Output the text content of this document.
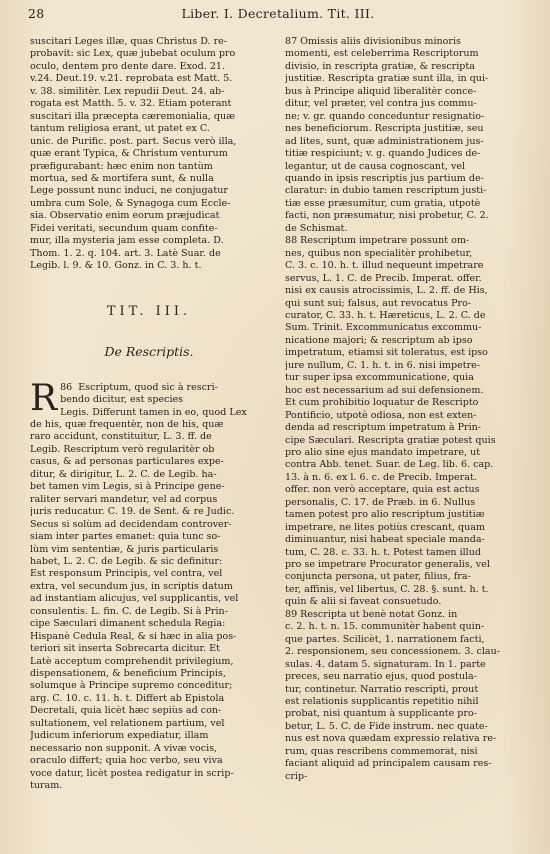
28	Liber. I. Decretalium. Tit. III.
suscitari Leges illæ, quas Christus D. re-
probavit: sic Lex, quæ jubebat oculum pro
oculo, dentem pro dente dare. Exod. 21.
v.24. Deut.19. v.21. reprobata est Matt. 5.
v. 38. similitèr. Lex repudii Deut. 24. ab-
rogata est Matth. 5. v. 32. Etiam poterant
suscitari illa præcepta cæremonialia, quæ
tantum religiosa erant, ut patet ex C.
unic. de Purific. post. part. Secus verò illa,
quæ erant Typica, & Christum venturum
præfigurabant: hæc enim non tantùm
mortua, sed & mortifera sunt, & nulla
Lege possunt nunc induci, ne conjugatur
umbra cum Sole, & Synagoga cum Eccle-
sia. Observatio enim eorum præjudicat
Fidei veritati, secundum quam confite-
mur, illa mysteria jam esse completa. D.
Thom. 1. 2. q. 104. art. 3. Latè Suar. de
Legib. l. 9. & 10. Gonz. in C. 3. h. t.
TIT. III.
De Rescriptis.
86
R Escriptum, quod sic à rescri-
bendo dicitur, est species
Legis. Differunt tamen in eo, quod Lex
de his, quæ frequentèr, non de his, quæ
raro accidunt, constituitur, L. 3. ff. de
Legib. Rescriptum verò regularitèr ob
casus, & ad personas particulares expe-
ditur, & dirigitur, L. 2. C. de Legib. ha-
bet tamen vim Legis, si à Principe gene-
raliter servari mandetur, vel ad corpus
juris reducatur. C. 19. de Sent. & re Judic.
Secus si solùm ad decidendam controver-
siam inter partes emanet: quia tunc so-
lùm vim sententiæ, & juris particularis
habet, L. 2. C. de Legib. & sic definitur:
Est responsum Principis, vel contra, vel
extra, vel secundum jus, in scriptis datum
ad instantiam alicujus, vel supplicantis, vel
consulentis. L. fin. C. de Legib. Si à Prin-
cipe Sæculari dimanent schedula Regia:
Hispanè Cedula Real, & si hæc in alia pos-
teriori sit inserta Sobrecarta dicitur. Et
Latè acceptum comprehendit privilegium,
dispensationem, & beneficium Principis,
solumque à Principe supremo conceditur;
arg. C. 10. c. 11. h. t. Differt ab Epistola
Decretali, quia licèt hæc sepiùs ad con-
sultationem, vel relationem partium, vel
Judicum inferiorum expediatur, illam
necessario non supponit. A vivæ vocis,
oraculo differt; quia hoc verbo, seu viva
voce datur, licèt postea redigatur in scrip-
turam.
87 Omissis aliis divisionibus minoris
momenti, est celeberrima Rescriptorum
divisio, in rescripta gratiæ, & rescripta
justitiæ. Rescripta gratiæ sunt illa, in qui-
bus à Principe aliquid liberalitèr conce-
ditur, vel præter, vel contra jus commu-
ne; v. gr. quando conceduntur resignatio-
nes beneficiorum. Rescripta justitiæ, seu
ad lites, sunt, quæ administrationem jus-
titiæ respiciunt; v. g. quando Judices de-
legantur, ut de causa cognoscant, vel
quando in ipsis rescriptis jus partium de-
claratur: in dubio tamen rescriptum justi-
tiæ esse præsumitur, cum gratia, utpotè
facti, non præsumatur, nisi probetur, C. 2.
de Schismat.
88 Rescriptum impetrare possunt om-
nes, quibus non specialitèr prohibetur,
C. 3. c. 10. h. t. illud nequeunt impetrare
servus, L. 1. C. de Precib. Imperat. offer.
nisi ex causis atrocissimis, L. 2. ff. de His,
qui sunt sui; falsus, aut revocatus Pro-
curator, C. 33. h. t. Hæreticus, L. 2. C. de
Sum. Trinit. Excommunicatus excommu-
nicatione majori; & rescriptum ab ipso
impetratum, etiamsi sit toleratus, est ipso
jure nullum, C. 1. h. t. in 6. nisi impetre-
tur super ipsa excommunicatione, quia
hoc est necessarium ad sui defensionem.
Et cum prohibitio loquatur de Rescripto
Pontificio, utpotè odiosa, non est exten-
denda ad rescriptum impetratum à Prin-
cipe Sæculari. Rescripta gratiæ potest quis
pro alio sine ejus mandato impetrare, ut
contra Abb. tenet. Suar. de Leg. lib. 6. cap.
13. à n. 6. ex l. 6. c. de Precib. Imperat.
offer. non verò acceptare, quia est actus
personalis, C. 17. de Præb. in 6. Nullus
tamen potest pro alio rescriptum justitiæ
impetrare, ne lites potiùs crescant, quam
diminuantur, nisi habeat speciale manda-
tum, C. 28. c. 33. h. t. Potest tamen illud
pro se impetrare Procurator generalis, vel
conjuncta persona, ut pater, filius, fra-
ter, affinis, vel libertus, C. 28. §. sunt. h. t.
quin & alii si faveat consuetudo.
89 Rescripta ut benè notat Gonz. in
c. 2. h. t. n. 15. communitèr habent quin-
que partes. Scilicèt, 1. narrationem facti,
2. responsionem, seu concessionem. 3. clau-
sulas. 4. datam 5. signaturam. In 1. parte
preces, seu narratio ejus, quod postula-
tur, continetur. Narratio rescripti, prout
est relationis supplicantis repetitio nihil
probat, nisi quantum à supplicante pro-
betur, L. 5. C. de Fide instrum. nec quate-
nus est nova quædam expressio relativa re-
rum, quas rescribens commemorat, nisi
faciant aliquid ad principalem causam res-
crip-
